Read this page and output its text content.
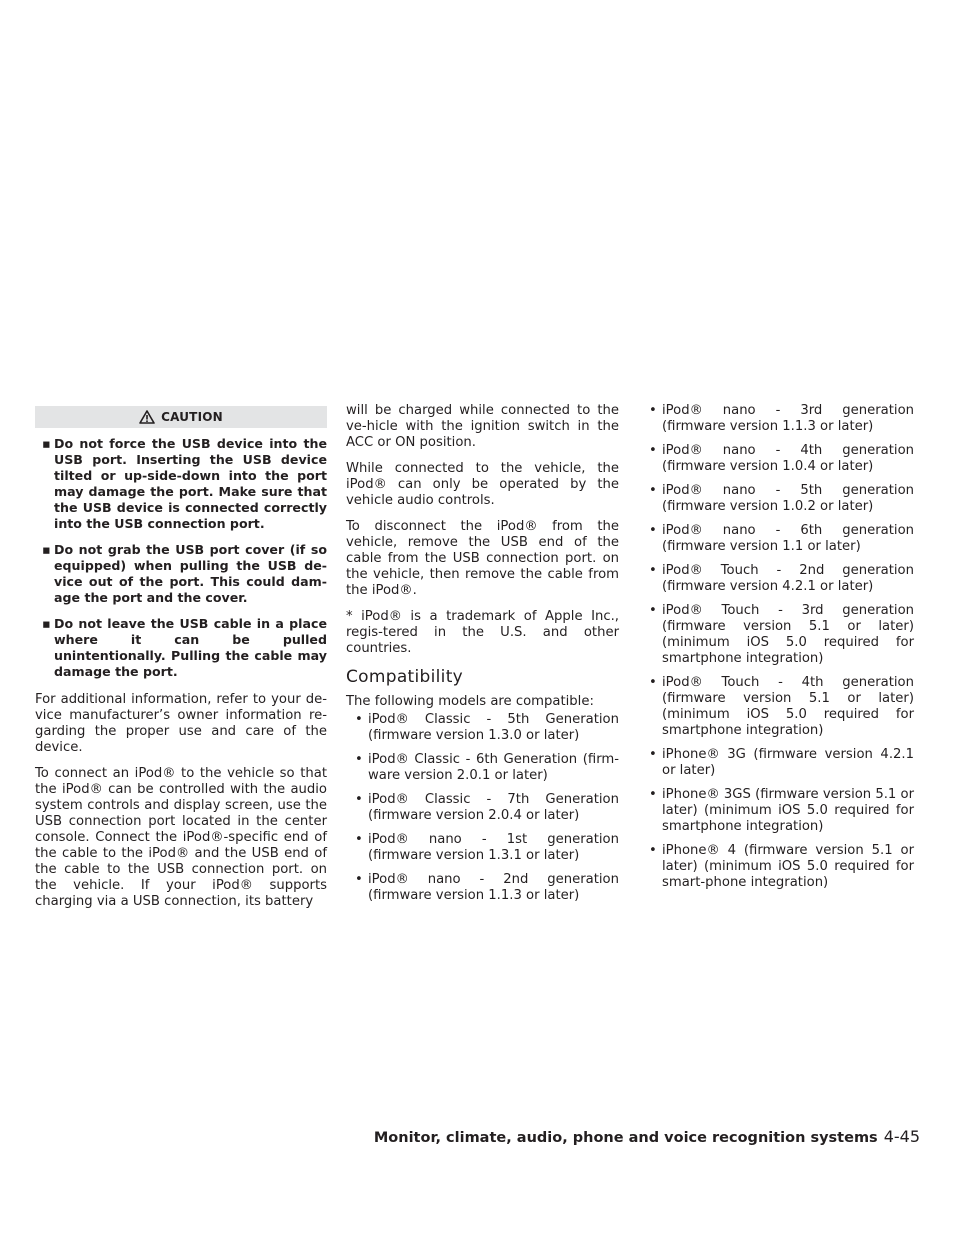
CAUTION
▪ Do not force the USB device into the USB port. Inserting the USB device tilted or up-side-down into the port may damage the port. Make sure that the USB device is connected correctly into the USB connection port.
▪ Do not grab the USB port cover (if so equipped) when pulling the USB de-vice out of the port. This could dam-age the port and the cover.
▪ Do not leave the USB cable in a place where it can be pulled unintentionally. Pulling the cable may damage the port.

For additional information, refer to your de-vice manufacturer’s owner information re-garding the proper use and care of the device.

To connect an iPod® to the vehicle so that the iPod® can be controlled with the audio system controls and display screen, use the USB connection port located in the center console. Connect the iPod®-specific end of the cable to the iPod® and the USB end of the cable to the USB connection port. on the vehicle. If your iPod® supports charging via a USB connection, its battery

will be charged while connected to the ve-hicle with the ignition switch in the ACC or ON position.

While connected to the vehicle, the iPod® can only be operated by the vehicle audio controls.

To disconnect the iPod® from the vehicle, remove the USB end of the cable from the USB connection port. on the vehicle, then remove the cable from the iPod®.

* iPod® is a trademark of Apple Inc., regis-tered in the U.S. and other countries.

Compatibility

The following models are compatible:

• iPod® Classic - 5th Generation (firmware version 1.3.0 or later)
• iPod® Classic - 6th Generation (firm-ware version 2.0.1 or later)
• iPod® Classic - 7th Generation (firmware version 2.0.4 or later)
• iPod® nano - 1st generation (firmware version 1.3.1 or later)
• iPod® nano - 2nd generation (firmware version 1.1.3 or later)
• iPod® nano - 3rd generation (firmware version 1.1.3 or later)
• iPod® nano - 4th generation (firmware version 1.0.4 or later)
• iPod® nano - 5th generation (firmware version 1.0.2 or later)
• iPod® nano - 6th generation (firmware version 1.1 or later)
• iPod® Touch - 2nd generation (firmware version 4.2.1 or later)
• iPod® Touch - 3rd generation (firmware version 5.1 or later) (minimum iOS 5.0 required for smartphone integration)
• iPod® Touch - 4th generation (firmware version 5.1 or later) (minimum iOS 5.0 required for smartphone integration)
• iPhone® 3G (firmware version 4.2.1 or later)
• iPhone® 3GS (firmware version 5.1 or later) (minimum iOS 5.0 required for smartphone integration)
• iPhone® 4 (firmware version 5.1 or later) (minimum iOS 5.0 required for smart-phone integration)
Monitor, climate, audio, phone and voice recognition systems 4-45
